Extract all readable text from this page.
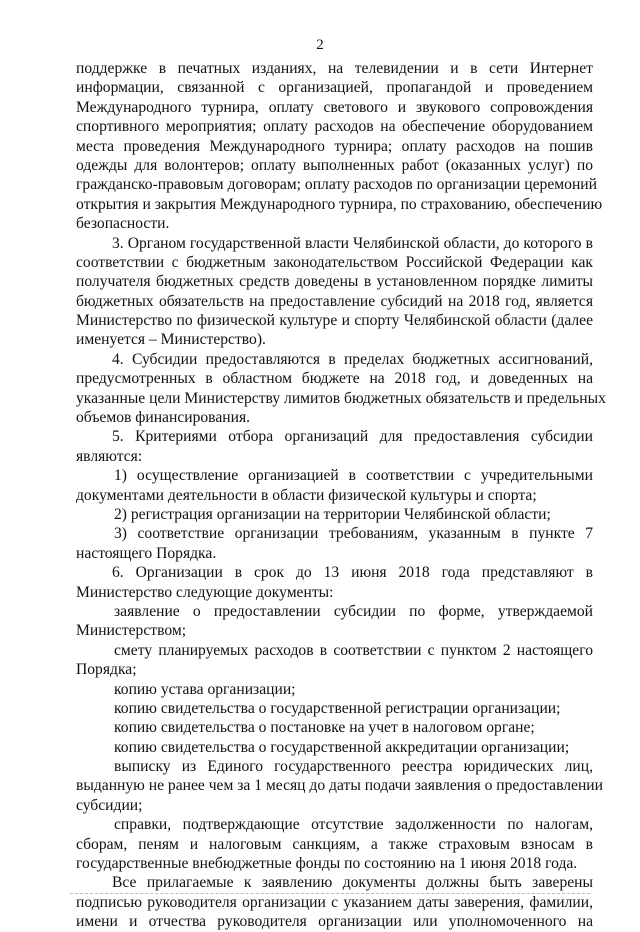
2
поддержке в печатных изданиях, на телевидении и в сети Интернет
информации, связанной с организацией, пропагандой и проведением
Международного турнира, оплату светового и звукового сопровождения
спортивного мероприятия; оплату расходов на обеспечение оборудованием
места проведения Международного турнира; оплату расходов на пошив
одежды для волонтеров; оплату выполненных работ (оказанных услуг) по
гражданско-правовым договорам; оплату расходов по организации церемоний
открытия и закрытия Международного турнира, по страхованию, обеспечению
безопасности.
3. Органом государственной власти Челябинской области, до которого в
соответствии с бюджетным законодательством Российской Федерации как
получателя бюджетных средств доведены в установленном порядке лимиты
бюджетных обязательств на предоставление субсидий на 2018 год, является
Министерство по физической культуре и спорту Челябинской области (далее
именуется – Министерство).
4. Субсидии предоставляются в пределах бюджетных ассигнований,
предусмотренных в областном бюджете на 2018 год, и доведенных на
указанные цели Министерству лимитов бюджетных обязательств и предельных
объемов финансирования.
5. Критериями отбора организаций для предоставления субсидии
являются:
1) осуществление организацией в соответствии с учредительными
документами деятельности в области физической культуры и спорта;
2) регистрация организации на территории Челябинской области;
3) соответствие организации требованиям, указанным в пункте 7
настоящего Порядка.
6. Организации в срок до 13 июня 2018 года представляют в
Министерство следующие документы:
заявление о предоставлении субсидии по форме, утверждаемой
Министерством;
смету планируемых расходов в соответствии с пунктом 2 настоящего
Порядка;
копию устава организации;
копию свидетельства о государственной регистрации организации;
копию свидетельства о постановке на учет в налоговом органе;
копию свидетельства о государственной аккредитации организации;
выписку из Единого государственного реестра юридических лиц,
выданную не ранее чем за 1 месяц до даты подачи заявления о предоставлении
субсидии;
справки, подтверждающие отсутствие задолженности по налогам,
сборам, пеням и налоговым санкциям, а также страховым взносам в
государственные внебюджетные фонды по состоянию на 1 июня 2018 года.
Все прилагаемые к заявлению документы должны быть заверены
подписью руководителя организации с указанием даты заверения, фамилии,
имени и отчества руководителя организации или уполномоченного на
